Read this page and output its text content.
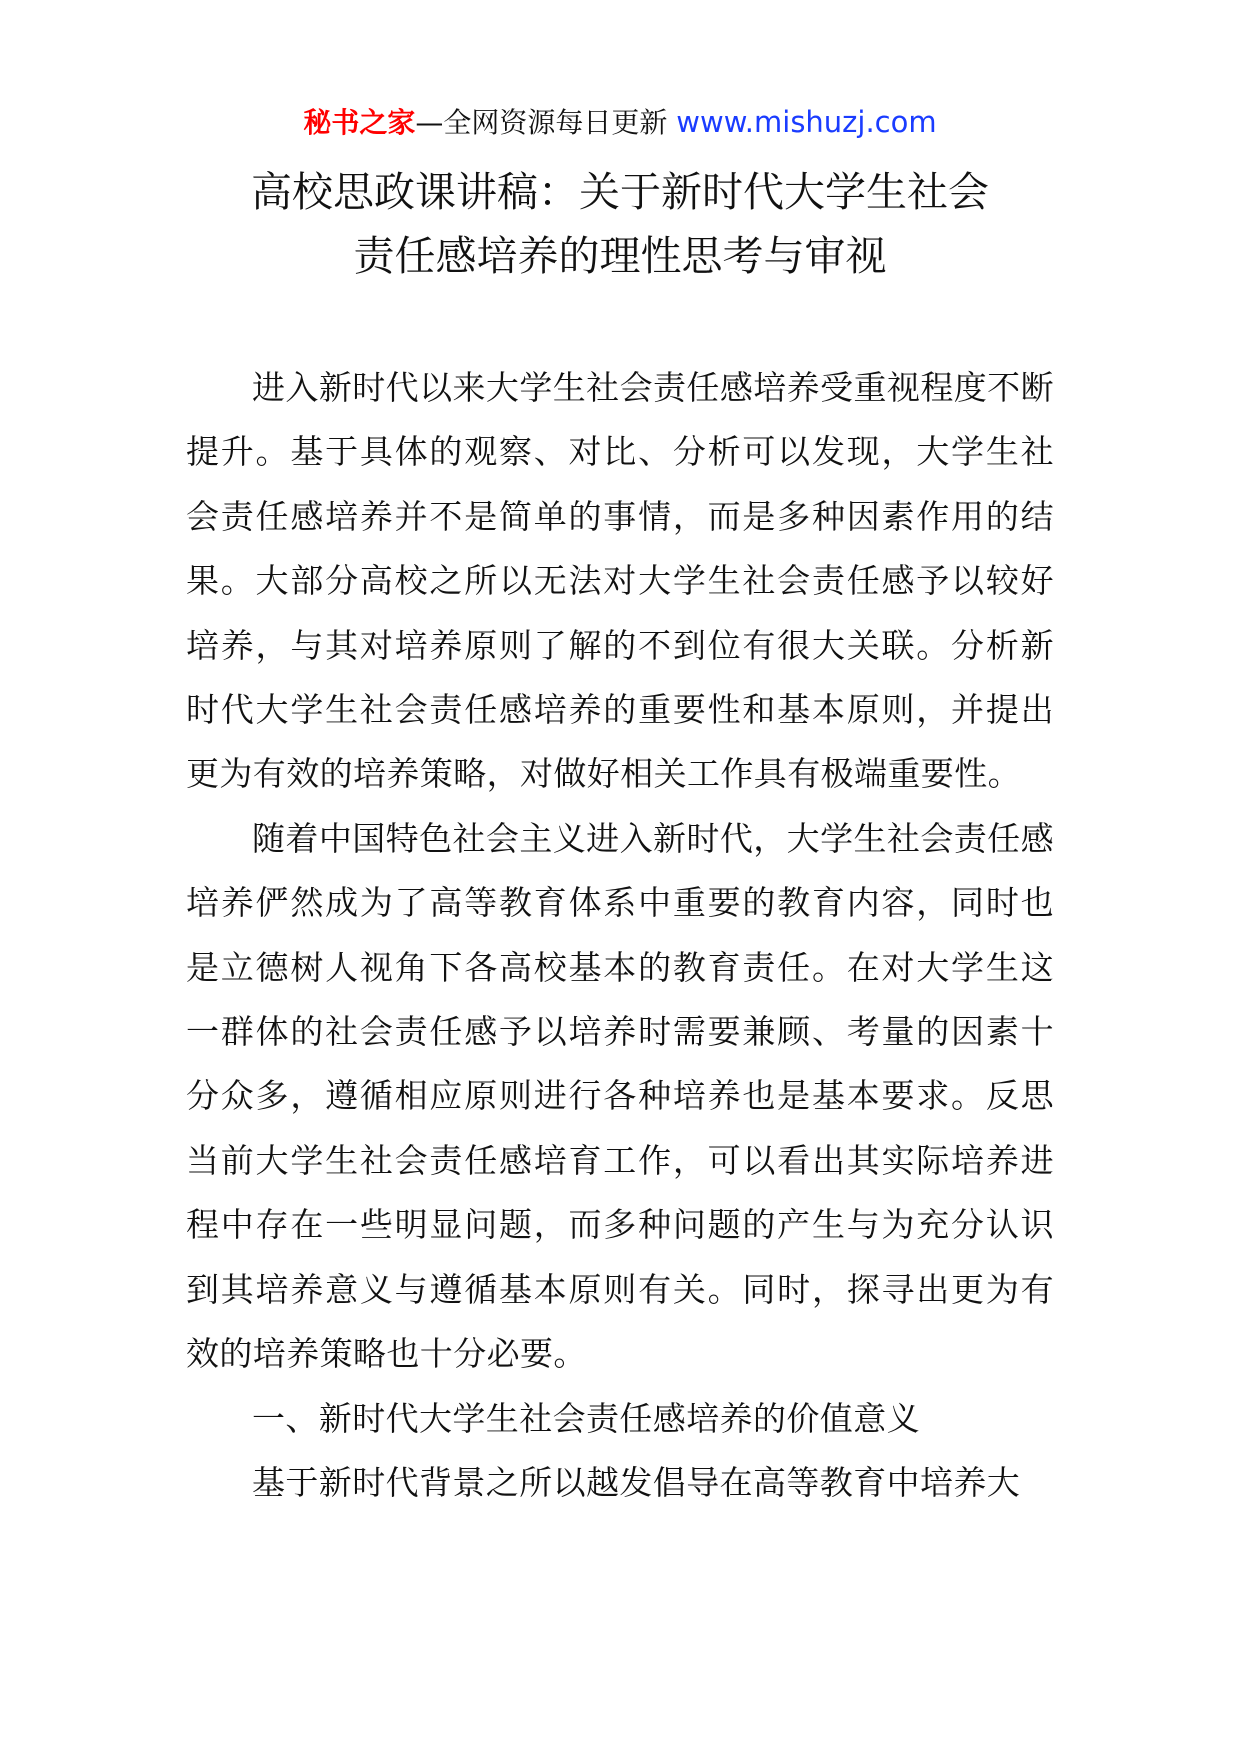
秘书之家—全网资源每日更新 www.mishuzj.com
高校思政课讲稿：关于新时代大学生社会
责任感培养的理性思考与审视

进入新时代以来大学生社会责任感培养受重视程度不断提升。基于具体的观察、对比、分析可以发现，大学生社会责任感培养并不是简单的事情，而是多种因素作用的结果。大部分高校之所以无法对大学生社会责任感予以较好培养，与其对培养原则了解的不到位有很大关联。分析新时代大学生社会责任感培养的重要性和基本原则，并提出更为有效的培养策略，对做好相关工作具有极端重要性。

随着中国特色社会主义进入新时代，大学生社会责任感培养俨然成为了高等教育体系中重要的教育内容，同时也是立德树人视角下各高校基本的教育责任。在对大学生这一群体的社会责任感予以培养时需要兼顾、考量的因素十分众多，遵循相应原则进行各种培养也是基本要求。反思当前大学生社会责任感培育工作，可以看出其实际培养进程中存在一些明显问题，而多种问题的产生与为充分认识到其培养意义与遵循基本原则有关。同时，探寻出更为有效的培养策略也十分必要。

一、新时代大学生社会责任感培养的价值意义

基于新时代背景之所以越发倡导在高等教育中培养大
